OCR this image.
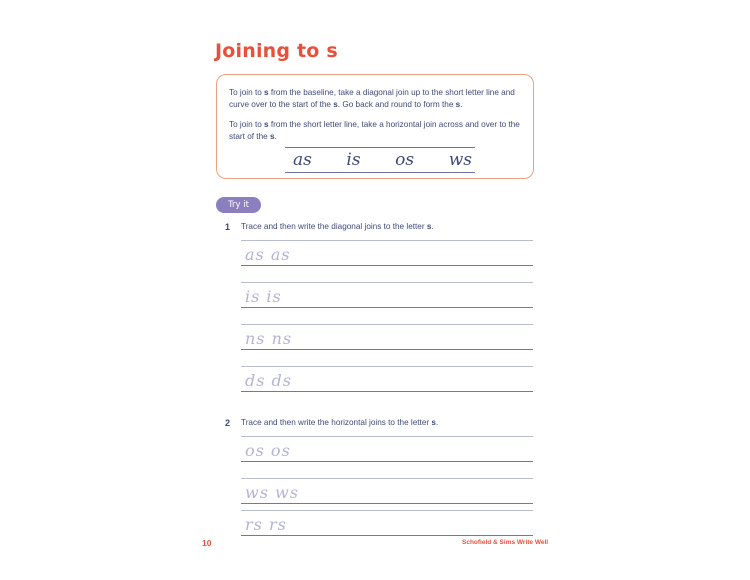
Joining to s
To join to s from the baseline, take a diagonal join up to the short letter line and curve over to the start of the s. Go back and round to form the s.
To join to s from the short letter line, take a horizontal join across and over to the start of the s.
as is os ws
Try it
1 Trace and then write the diagonal joins to the letter s.
as as
is is
ns ns
ds ds
2 Trace and then write the horizontal joins to the letter s.
os os
ws ws
rs rs
10	Schofield & Sims Write Well
